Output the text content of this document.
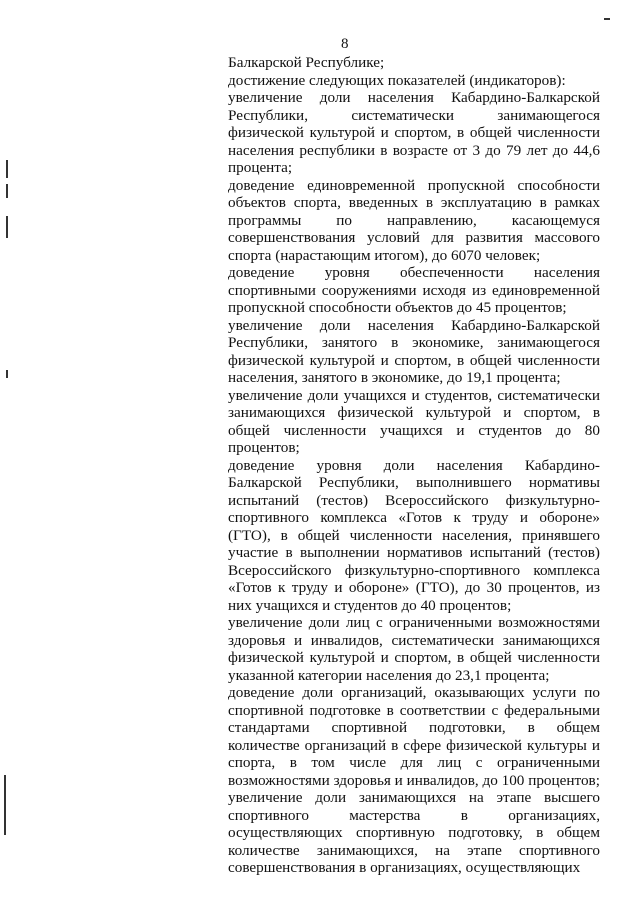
8

Балкарской Республике;

достижение следующих показателей (индикаторов):

увеличение доли населения Кабардино-Балкарской Республики, систематически занимающегося физической культурой и спортом, в общей численности населения республики в возрасте от 3 до 79 лет до 44,6 процента;

доведение единовременной пропускной способности объектов спорта, введенных в эксплуатацию в рамках программы по направлению, касающемуся совершенствования условий для развития массового спорта (нарастающим итогом), до 6070 человек;

доведение уровня обеспеченности населения спортивными сооружениями исходя из единовременной пропускной способности объектов до 45 процентов;

увеличение доли населения Кабардино-Балкарской Республики, занятого в экономике, занимающегося физической культурой и спортом, в общей численности населения, занятого в экономике, до 19,1 процента;

увеличение доли учащихся и студентов, систематически занимающихся физической культурой и спортом, в общей численности учащихся и студентов до 80 процентов;

доведение уровня доли населения Кабардино-Балкарской Республики, выполнившего нормативы испытаний (тестов) Всероссийского физкультурно-спортивного комплекса «Готов к труду и обороне» (ГТО), в общей численности населения, принявшего участие в выполнении нормативов испытаний (тестов) Всероссийского физкультурно-спортивного комплекса «Готов к труду и обороне» (ГТО), до 30 процентов, из них учащихся и студентов до 40 процентов;

увеличение доли лиц с ограниченными возможностями здоровья и инвалидов, систематически занимающихся физической культурой и спортом, в общей численности указанной категории населения до 23,1 процента;

доведение доли организаций, оказывающих услуги по спортивной подготовке в соответствии с федеральными стандартами спортивной подготовки, в общем количестве организаций в сфере физической культуры и спорта, в том числе для лиц с ограниченными возможностями здоровья и инвалидов, до 100 процентов;

увеличение доли занимающихся на этапе высшего спортивного мастерства в организациях, осуществляющих спортивную подготовку, в общем количестве занимающихся, на этапе спортивного совершенствования в организациях, осуществляющих
